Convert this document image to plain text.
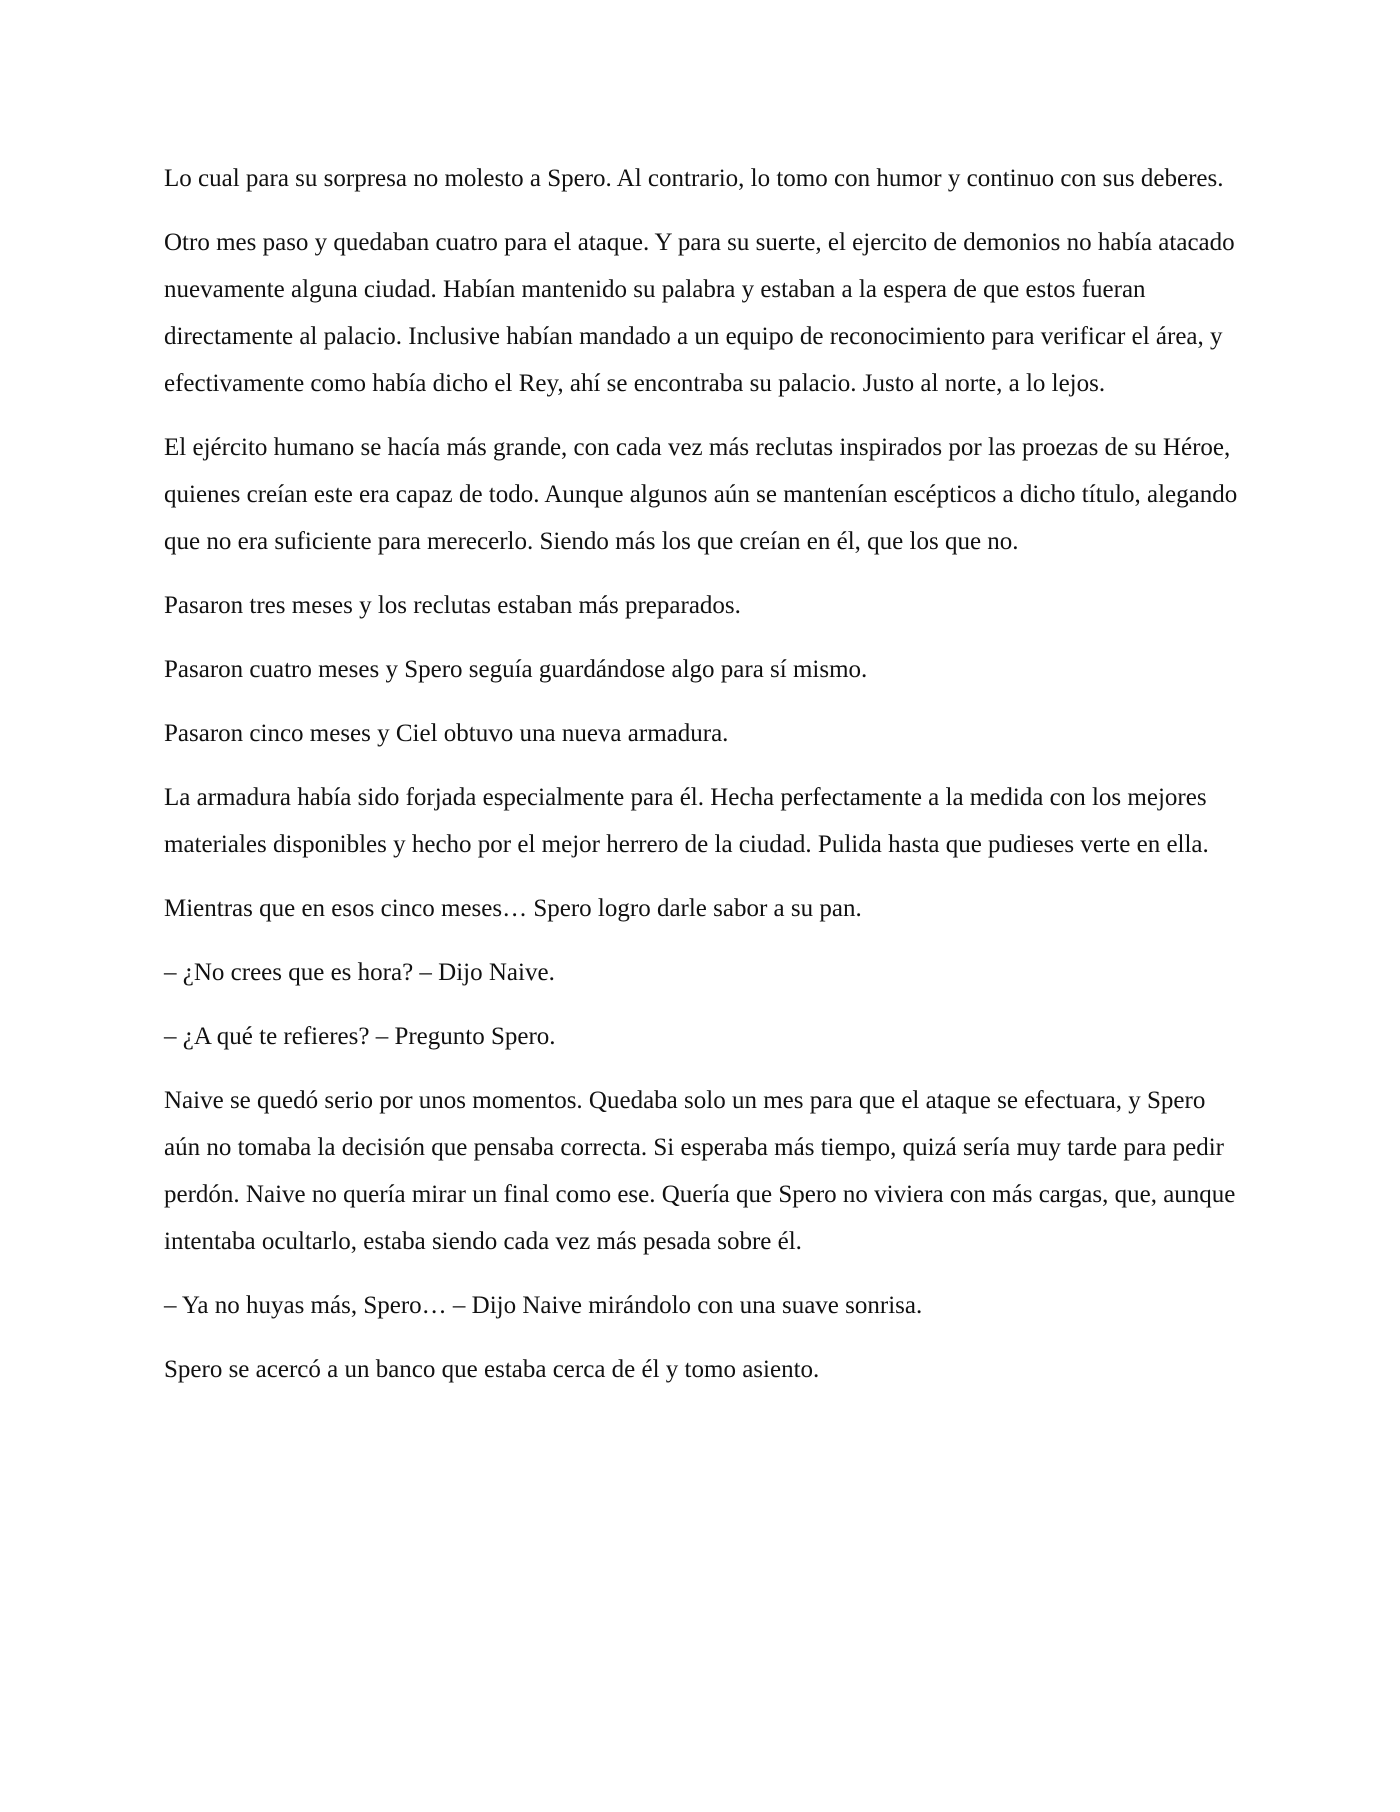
Lo cual para su sorpresa no molesto a Spero. Al contrario, lo tomo con humor y continuo con sus deberes.

Otro mes paso y quedaban cuatro para el ataque. Y para su suerte, el ejercito de demonios no había atacado nuevamente alguna ciudad. Habían mantenido su palabra y estaban a la espera de que estos fueran directamente al palacio. Inclusive habían mandado a un equipo de reconocimiento para verificar el área, y efectivamente como había dicho el Rey, ahí se encontraba su palacio. Justo al norte, a lo lejos.

El ejército humano se hacía más grande, con cada vez más reclutas inspirados por las proezas de su Héroe, quienes creían este era capaz de todo. Aunque algunos aún se mantenían escépticos a dicho título, alegando que no era suficiente para merecerlo. Siendo más los que creían en él, que los que no.

Pasaron tres meses y los reclutas estaban más preparados.

Pasaron cuatro meses y Spero seguía guardándose algo para sí mismo.

Pasaron cinco meses y Ciel obtuvo una nueva armadura.

La armadura había sido forjada especialmente para él. Hecha perfectamente a la medida con los mejores materiales disponibles y hecho por el mejor herrero de la ciudad. Pulida hasta que pudieses verte en ella.

Mientras que en esos cinco meses… Spero logro darle sabor a su pan.

– ¿No crees que es hora? – Dijo Naive.

– ¿A qué te refieres? – Pregunto Spero.

Naive se quedó serio por unos momentos. Quedaba solo un mes para que el ataque se efectuara, y Spero aún no tomaba la decisión que pensaba correcta. Si esperaba más tiempo, quizá sería muy tarde para pedir perdón. Naive no quería mirar un final como ese. Quería que Spero no viviera con más cargas, que, aunque intentaba ocultarlo, estaba siendo cada vez más pesada sobre él.

– Ya no huyas más, Spero… – Dijo Naive mirándolo con una suave sonrisa.

Spero se acercó a un banco que estaba cerca de él y tomo asiento.
